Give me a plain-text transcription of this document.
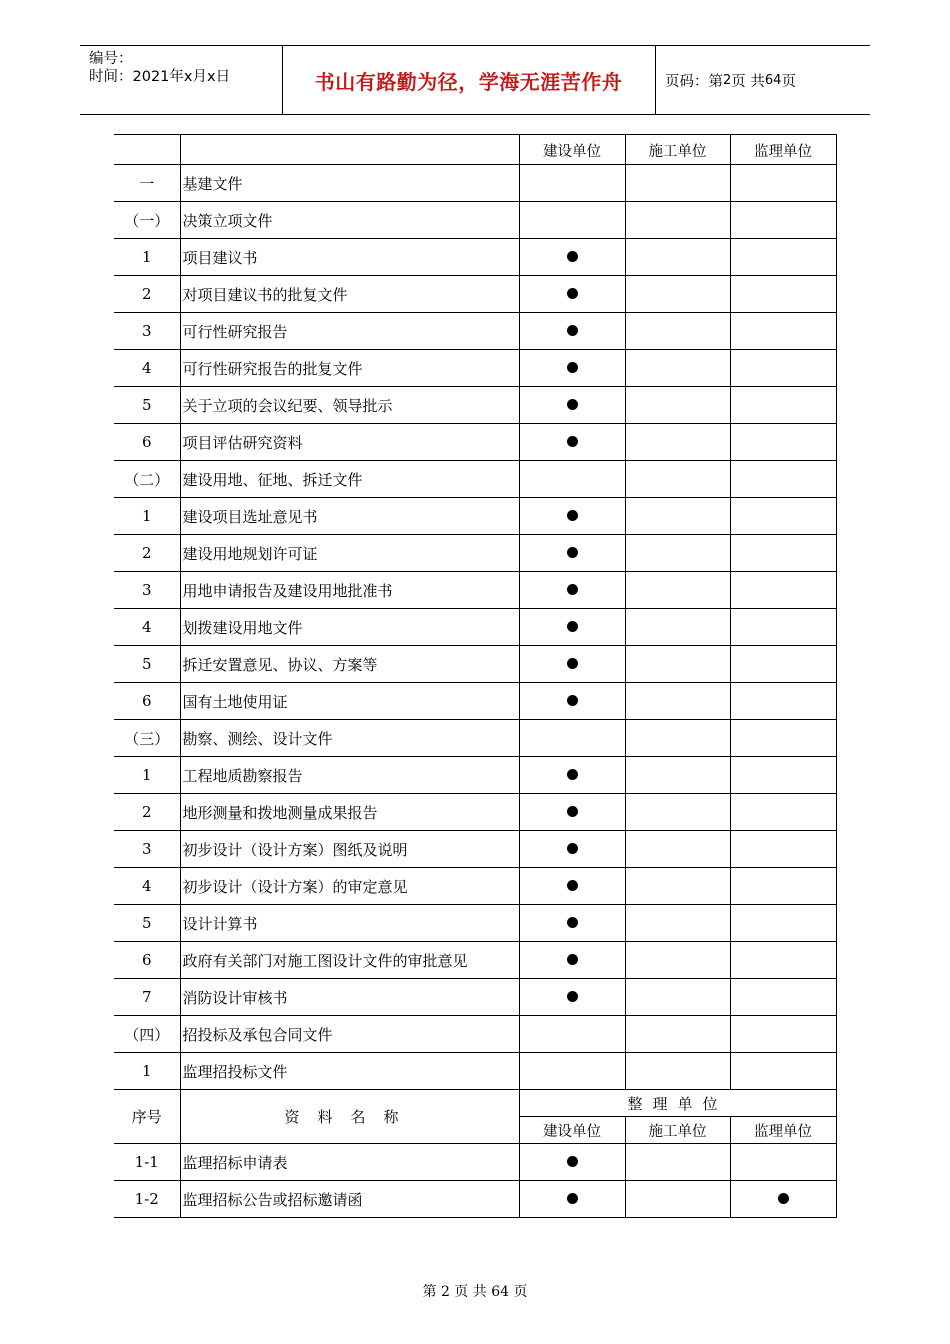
编号：
时间：2021年x月x日	书山有路勤为径，学海无涯苦作舟	页码：第 2 页 共 64 页
		建设单位	施工单位	监理单位
一	基建文件			
（一）	决策立项文件			
1	项目建议书			
2	对项目建议书的批复文件			
3	可行性研究报告			
4	可行性研究报告的批复文件			
5	关于立项的会议纪要、领导批示			
6	项目评估研究资料			
（二）	建设用地、征地、拆迁文件			
1	建设项目选址意见书			
2	建设用地规划许可证			
3	用地申请报告及建设用地批准书			
4	划拨建设用地文件			
5	拆迁安置意见、协议、方案等			
6	国有土地使用证			
（三）	勘察、测绘、设计文件			
1	工程地质勘察报告			
2	地形测量和拨地测量成果报告			
3	初步设计（设计方案）图纸及说明			
4	初步设计（设计方案）的审定意见			
5	设计计算书			
6	政府有关部门对施工图设计文件的审批意见			
7	消防设计审核书			
（四）	招投标及承包合同文件			
1	监理招投标文件			
序号	资料名称	整理单位		
		建设单位	施工单位	监理单位
1-1	监理招标申请表			
1-2	监理招标公告或招标邀请函			
第 2 页 共 64 页
